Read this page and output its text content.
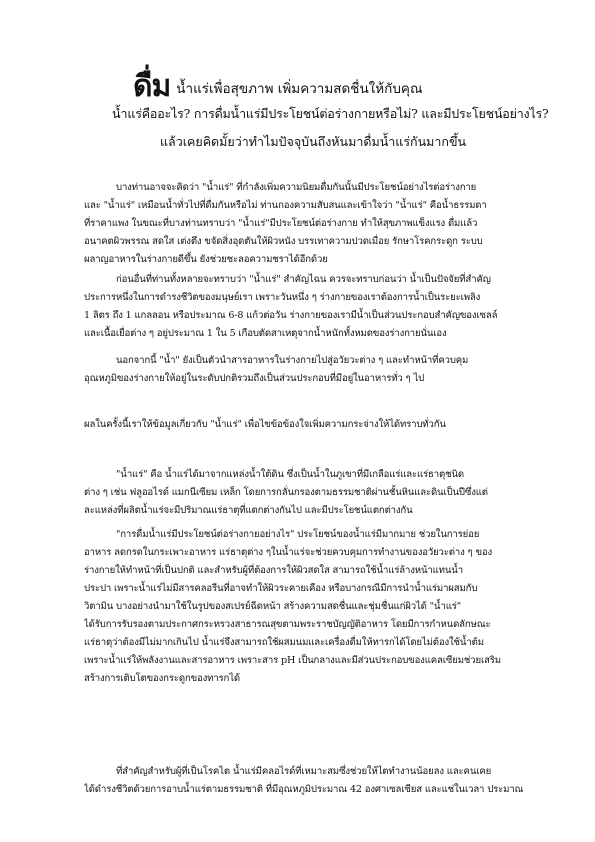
ดื่ม น้ำแร่เพื่อสุขภาพ เพิ่มความสดชื่นให้กับคุณ
น้ำแร่คืออะไร? การดื่มน้ำแร่มีประโยชน์ต่อร่างกายหรือไม่? และมีประโยชน์อย่างไร?
แล้วเคยคิดมั้ยว่าทำไมปัจจุบันถึงหันมาดื่มน้ำแร่กันมากขึ้น
บางท่านอาจจะคิดว่า "น้ำแร่" ที่กำลังเพิ่มความนิยมดื่มกันนั้นมีประโยชน์อย่างไรต่อร่างกาย
และ "น้ำแร่" เหมือนน้ำทั่วไปที่ดื่มกันหรือไม่ ท่านกองความสับสนและเข้าใจว่า "น้ำแร่" คือน้ำธรรมดา
ที่ราคาแพง ในขณะที่บางท่านทราบว่า "น้ำแร่"มีประโยชน์ต่อร่างกาย ทำให้สุขภาพแข็งแรง ดื่มแล้ว
อนาคตผิวพรรณ สดใส เต่งตึง ขจัดสิ่งอุดตันให้ผิวหนัง บรรเทาความปวดเมื่อย รักษาโรคกระดูก ระบบ
ผลาญอาหารในร่างกายดีขึ้น ยังช่วยชะลอความชราได้อีกด้วย
ก่อนอื่นที่ท่านทั้งหลายจะทราบว่า "น้ำแร่" สำคัญไฉน ควรจะทราบก่อนว่า น้ำเป็นปัจจัยที่สำคัญ
ประการหนึ่งในการดำรงชีวิตของมนุษย์เรา เพราะวันหนึ่ง ๆ ร่างกายของเราต้องการน้ำเป็นระยะเพลิง
1 ลิตร ถึง 1 แกลลอน หรือประมาณ 6-8 แก้วต่อวัน ร่างกายของเรามีน้ำเป็นส่วนประกอบสำคัญของเซลล์
และเนื้อเยื่อต่าง ๆ อยู่ประมาณ 1 ใน 5 เกือบตัดสาเหตุจากน้ำหนักทั้งหมดของร่างกายนั่นเอง
นอกจากนี้ "น้ำ" ยังเป็นตัวนำสารอาหารในร่างกายไปสู่อวัยวะต่าง ๆ และทำหน้าที่ควบคุม
อุณหภูมิของร่างกายให้อยู่ในระดับปกติรวมถึงเป็นส่วนประกอบที่มีอยู่ในอาหารทั่ว ๆ ไป
ผลในครั้งนี้เราให้ข้อมูลเกี่ยวกับ "น้ำแร่" เพื่อไขข้อข้องใจเพิ่มความกระจ่างให้ได้ทราบทั่วกัน
"น้ำแร่" คือ น้ำแร่ได้มาจากแหล่งน้ำใต้ดิน ซึ่งเป็นน้ำในภูเขาที่มีเกลือแร่และแร่ธาตุชนิด
ต่าง ๆ เช่น ฟลูออไรด์ แมกนีเซียม เหล็ก โดยการกลั่นกรองตามธรรมชาติผ่านชั้นหินและดินเป็นปีซึ่งแต่
ละแหล่งที่ผลิตน้ำแร่จะมีปริมาณแร่ธาตุที่แตกต่างกันไป และมีประโยชน์แตกต่างกัน
"การดื่มน้ำแร่มีประโยชน์ต่อร่างกายอย่างไร" ประโยชน์ของน้ำแร่มีมากมาย ช่วยในการย่อย
อาหาร ลดกรดในกระเพาะอาหาร แร่ธาตุต่าง ๆในน้ำแร่จะช่วยควบคุมการทำงานของอวัยวะต่าง ๆ ของ
ร่างกายให้ทำหน้าที่เป็นปกติ และสำหรับผู้ที่ต้องการให้ผิวสดใส สามารถใช้น้ำแร่ล้างหน้าแทนน้ำ
ประปา เพราะน้ำแร่ไม่มีสารคลอรีนที่อาจทำให้ผิวระคายเคือง หรือบางกรณีมีการนำน้ำแร่มาผสมกับ
วิตามิน บางอย่างนำมาใช้ในรูปของสเปรย์ฉีดหน้า สร้างความสดชื่นและชุ่มชื่นแก่ผิวได้ "น้ำแร่"
ได้รับการรับรองตามประกาศกระทรวงสาธารณสุขตามพระราชบัญญัติอาหาร โดยมีการกำหนดลักษณะ
แร่ธาตุว่าต้องมีไม่มากเกินไป น้ำแร่จึงสามารถใช้ผสมนมและเครื่องดื่มให้ทารกได้โดยไม่ต้องใช้น้ำต้ม
เพราะน้ำแร่ให้พลังงานและสารอาหาร เพราะสาร pH เป็นกลางและมีส่วนประกอบของแคลเซียมช่วยเสริม
สร้างการเติบโตของกระดูกของทารกได้
ที่สำคัญสำหรับผู้ที่เป็นโรคไต น้ำแร่มีคลอไรด์ที่เหมาะสมซึ่งช่วยให้ไตทำงานน้อยลง และคนเคย
ได้ดำรงชีวิตด้วยการอาบน้ำแร่ตามธรรมชาติ ที่มีอุณหภูมิประมาณ 42 องศาเซลเซียส และแช่ในเวลา ประมาณ
